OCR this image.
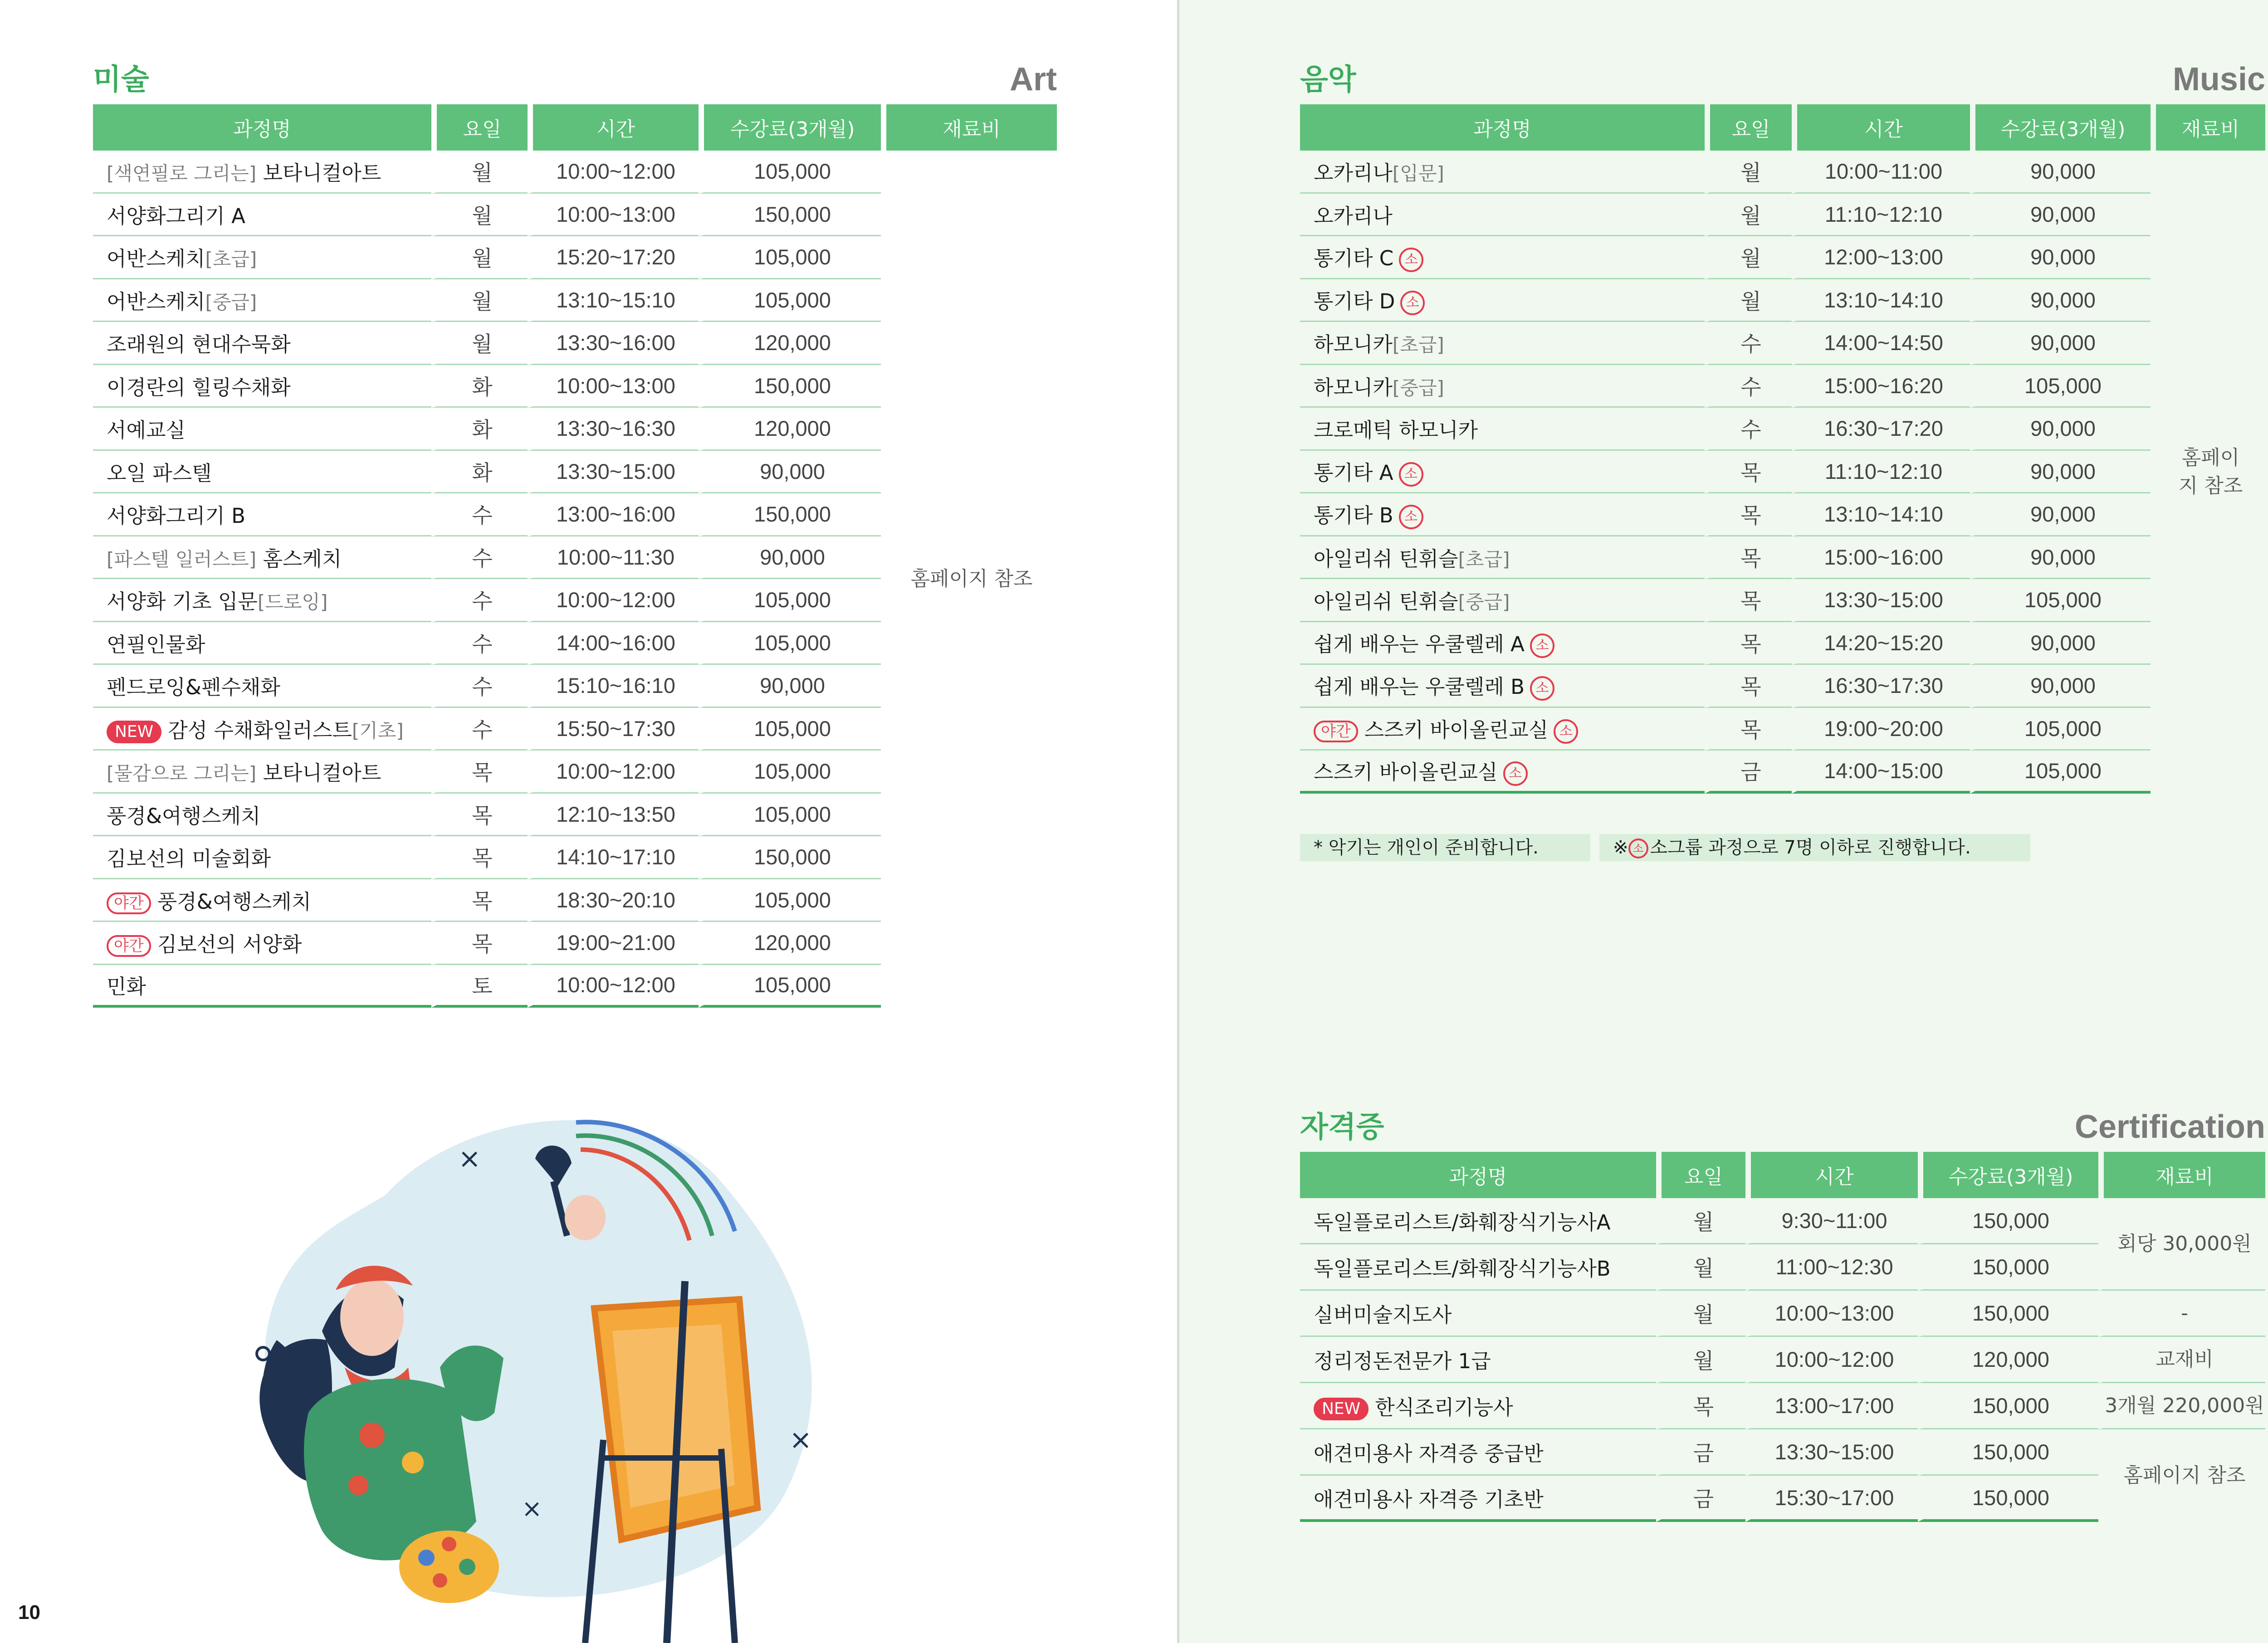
미술	Art
과정명	요일	시간	수강료(3개월)	재료비
[색연필로 그리는] 보타니컬아트	월	10:00~12:00	105,000	홈페이지 참조
서양화그리기 A	월	10:00~13:00	150,000	
어반스케치[초급]	월	15:20~17:20	105,000	
어반스케치[중급]	월	13:10~15:10	105,000	
조래원의 현대수묵화	월	13:30~16:00	120,000	
이경란의 힐링수채화	화	10:00~13:00	150,000	
서예교실	화	13:30~16:30	120,000	
오일 파스텔	화	13:30~15:00	90,000	
서양화그리기 B	수	13:00~16:00	150,000	
[파스텔 일러스트] 홈스케치	수	10:00~11:30	90,000	
서양화 기초 입문[드로잉]	수	10:00~12:00	105,000	
연필인물화	수	14:00~16:00	105,000	
펜드로잉&펜수채화	수	15:10~16:10	90,000	
NEW 감성 수채화일러스트[기초]	수	15:50~17:30	105,000	
[물감으로 그리는] 보타니컬아트	목	10:00~12:00	105,000	
풍경&여행스케치	목	12:10~13:50	105,000	
김보선의 미술회화	목	14:10~17:10	150,000	
야간 풍경&여행스케치	목	18:30~20:10	105,000	
야간 김보선의 서양화	목	19:00~21:00	120,000	
민화	토	10:00~12:00	105,000	
×
×
×
10
음악	Music
과정명	요일	시간	수강료(3개월)	재료비
오카리나[입문]	월	10:00~11:00	90,000	홈페이지 참조
오카리나	월	11:10~12:10	90,000	
통기타 C 소	월	12:00~13:00	90,000	
통기타 D 소	월	13:10~14:10	90,000	
하모니카[초급]	수	14:00~14:50	90,000	
하모니카[중급]	수	15:00~16:20	105,000	
크로메틱 하모니카	수	16:30~17:20	90,000	
통기타 A 소	목	11:10~12:10	90,000	
통기타 B 소	목	13:10~14:10	90,000	
아일리쉬 틴휘슬[초급]	목	15:00~16:00	90,000	
아일리쉬 틴휘슬[중급]	목	13:30~15:00	105,000	
쉽게 배우는 우쿨렐레 A 소	목	14:20~15:20	90,000	
쉽게 배우는 우쿨렐레 B 소	목	16:30~17:30	90,000	
야간 스즈키 바이올린교실 소	목	19:00~20:00	105,000	
스즈키 바이올린교실 소	금	14:00~15:00	105,000	
* 악기는 개인이 준비합니다.	※ 소 소그룹 과정으로 7명 이하로 진행합니다.
자격증	Certification
과정명	요일	시간	수강료(3개월)	재료비
독일플로리스트/화훼장식기능사A	월	9:30~11:00	150,000	회당 30,000원
독일플로리스트/화훼장식기능사B	월	11:00~12:30	150,000	
실버미술지도사	월	10:00~13:00	150,000	-
정리정돈전문가 1급	월	10:00~12:00	120,000	교재비
NEW 한식조리기능사	목	13:00~17:00	150,000	3개월 220,000원
애견미용사 자격증 중급반	금	13:30~15:00	150,000	홈페이지 참조
애견미용사 자격증 기초반	금	15:30~17:00	150,000	
